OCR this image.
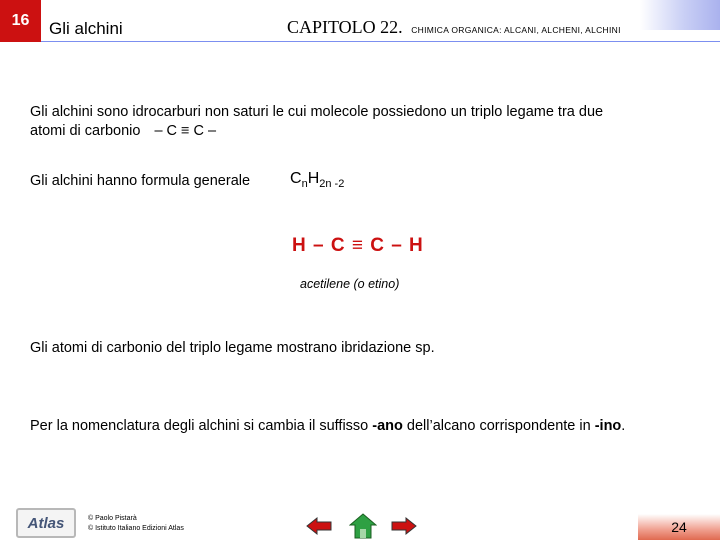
16	Gli alchini	CAPITOLO 22. CHIMICA ORGANICA: ALCANI, ALCHENI, ALCHINI
Gli alchini sono idrocarburi non saturi le cui molecole possiedono un triplo legame tra due
atomi di carbonio – C ≡ C –
Gli alchini hanno formula generale $C_nH_{2n -2}$
H – C ≡ C – H
acetilene (o etino)
Gli atomi di carbonio del triplo legame mostrano ibridazione sp.
Per la nomenclatura degli alchini si cambia il suffisso -ano dell’alcano corrispondente in -ino.
Atlas	© Paolo Pistarà
© Istituto Italiano Edizioni Atlas	24
